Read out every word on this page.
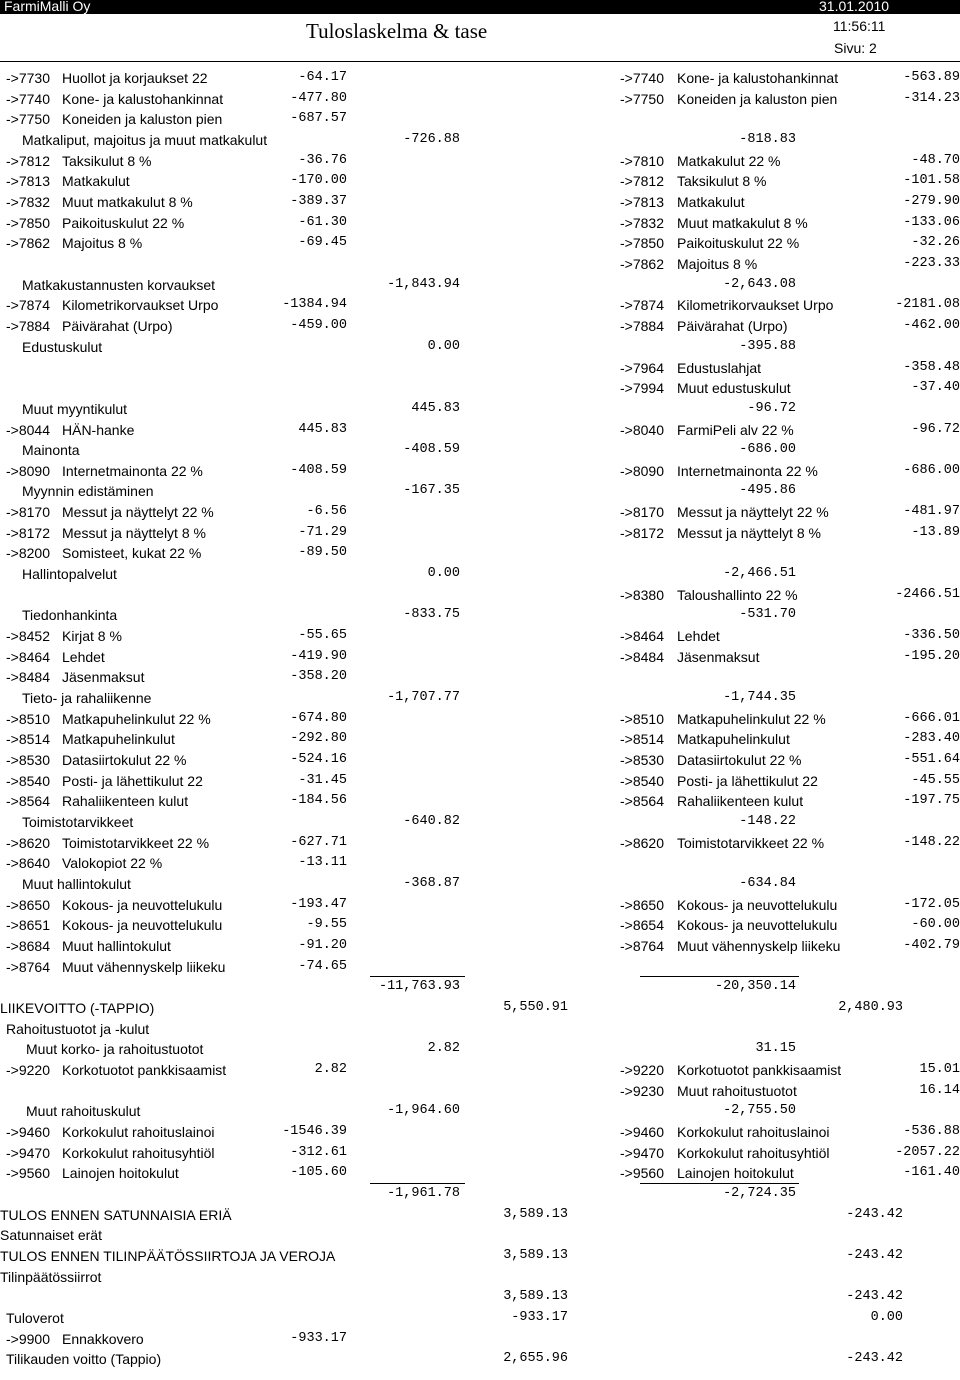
FarmiMalli Oy	31.01.2010
Tuloslaskelma & tase	11:56:11
Sivu: 2
->7730 Huollot ja korjaukset 22	-64.17	->7740 Kone- ja kalustohankinnat	-563.89
->7740 Kone- ja kalustohankinnat	-477.80	->7750 Koneiden ja kaluston pien	-314.23
->7750 Koneiden ja kaluston pien	-687.57
Matkaliput, majoitus ja muut matkakulut	-726.88	-818.83
->7812 Taksikulut 8 %	-36.76	->7810 Matkakulut 22 %	-48.70
->7813 Matkakulut	-170.00	->7812 Taksikulut 8 %	-101.58
->7832 Muut matkakulut 8 %	-389.37	->7813 Matkakulut	-279.90
->7850 Paikoituskulut 22 %	-61.30	->7832 Muut matkakulut 8 %	-133.06
->7862 Majoitus 8 %	-69.45	->7850 Paikoituskulut 22 %	-32.26
->7862 Majoitus 8 %	-223.33
Matkakustannusten korvaukset	-1,843.94	-2,643.08
->7874 Kilometrikorvaukset Urpo	-1384.94	->7874 Kilometrikorvaukset Urpo	-2181.08
->7884 Päivärahat (Urpo)	-459.00	->7884 Päivärahat (Urpo)	-462.00
Edustuskulut	0.00	-395.88
->7964 Edustuslahjat	-358.48
->7994 Muut edustuskulut	-37.40
Muut myyntikulut	445.83	-96.72
->8044 HÄN-hanke	445.83	->8040 FarmiPeli alv 22 %	-96.72
Mainonta	-408.59	-686.00
->8090 Internetmainonta 22 %	-408.59	->8090 Internetmainonta 22 %	-686.00
Myynnin edistäminen	-167.35	-495.86
->8170 Messut ja näyttelyt 22 %	-6.56	->8170 Messut ja näyttelyt 22 %	-481.97
->8172 Messut ja näyttelyt 8 %	-71.29	->8172 Messut ja näyttelyt 8 %	-13.89
->8200 Somisteet, kukat 22 %	-89.50
Hallintopalvelut	0.00	-2,466.51
->8380 Taloushallinto 22 %	-2466.51
Tiedonhankinta	-833.75	-531.70
->8452 Kirjat 8 %	-55.65	->8464 Lehdet	-336.50
->8464 Lehdet	-419.90	->8484 Jäsenmaksut	-195.20
->8484 Jäsenmaksut	-358.20
Tieto- ja rahaliikenne	-1,707.77	-1,744.35
->8510 Matkapuhelinkulut 22 %	-674.80	->8510 Matkapuhelinkulut 22 %	-666.01
->8514 Matkapuhelinkulut	-292.80	->8514 Matkapuhelinkulut	-283.40
->8530 Datasiirtokulut 22 %	-524.16	->8530 Datasiirtokulut 22 %	-551.64
->8540 Posti- ja lähettikulut 22	-31.45	->8540 Posti- ja lähettikulut 22	-45.55
->8564 Rahaliikenteen kulut	-184.56	->8564 Rahaliikenteen kulut	-197.75
Toimistotarvikkeet	-640.82	-148.22
->8620 Toimistotarvikkeet 22 %	-627.71	->8620 Toimistotarvikkeet 22 %	-148.22
->8640 Valokopiot 22 %	-13.11
Muut hallintokulut	-368.87	-634.84
->8650 Kokous- ja neuvottelukulu	-193.47	->8650 Kokous- ja neuvottelukulu	-172.05
->8651 Kokous- ja neuvottelukulu	-9.55	->8654 Kokous- ja neuvottelukulu	-60.00
->8684 Muut hallintokulut	-91.20	->8764 Muut vähennyskelp liikeku	-402.79
->8764 Muut vähennyskelp liikeku	-74.65
-11,763.93	-20,350.14
LIIKEVOITTO (-TAPPIO)	5,550.91	2,480.93
Rahoitustuotot ja -kulut
Muut korko- ja rahoitustuotot	2.82	31.15
->9220 Korkotuotot pankkisaamist	2.82	->9220 Korkotuotot pankkisaamist	15.01
->9230 Muut rahoitustuotot	16.14
Muut rahoituskulut	-1,964.60	-2,755.50
->9460 Korkokulut rahoituslainoi	-1546.39	->9460 Korkokulut rahoituslainoi	-536.88
->9470 Korkokulut rahoitusyhtiöl	-312.61	->9470 Korkokulut rahoitusyhtiöl	-2057.22
->9560 Lainojen hoitokulut	-105.60	->9560 Lainojen hoitokulut	-161.40
-1,961.78	-2,724.35
TULOS ENNEN SATUNNAISIA ERIÄ	3,589.13	-243.42
Satunnaiset erät
TULOS ENNEN TILINPÄÄTÖSSIIRTOJA JA VEROJA	3,589.13	-243.42
Tilinpäätössiirrot
3,589.13	-243.42
Tuloverot	-933.17	0.00
->9900 Ennakkovero	-933.17
Tilikauden voitto (Tappio)	2,655.96	-243.42
